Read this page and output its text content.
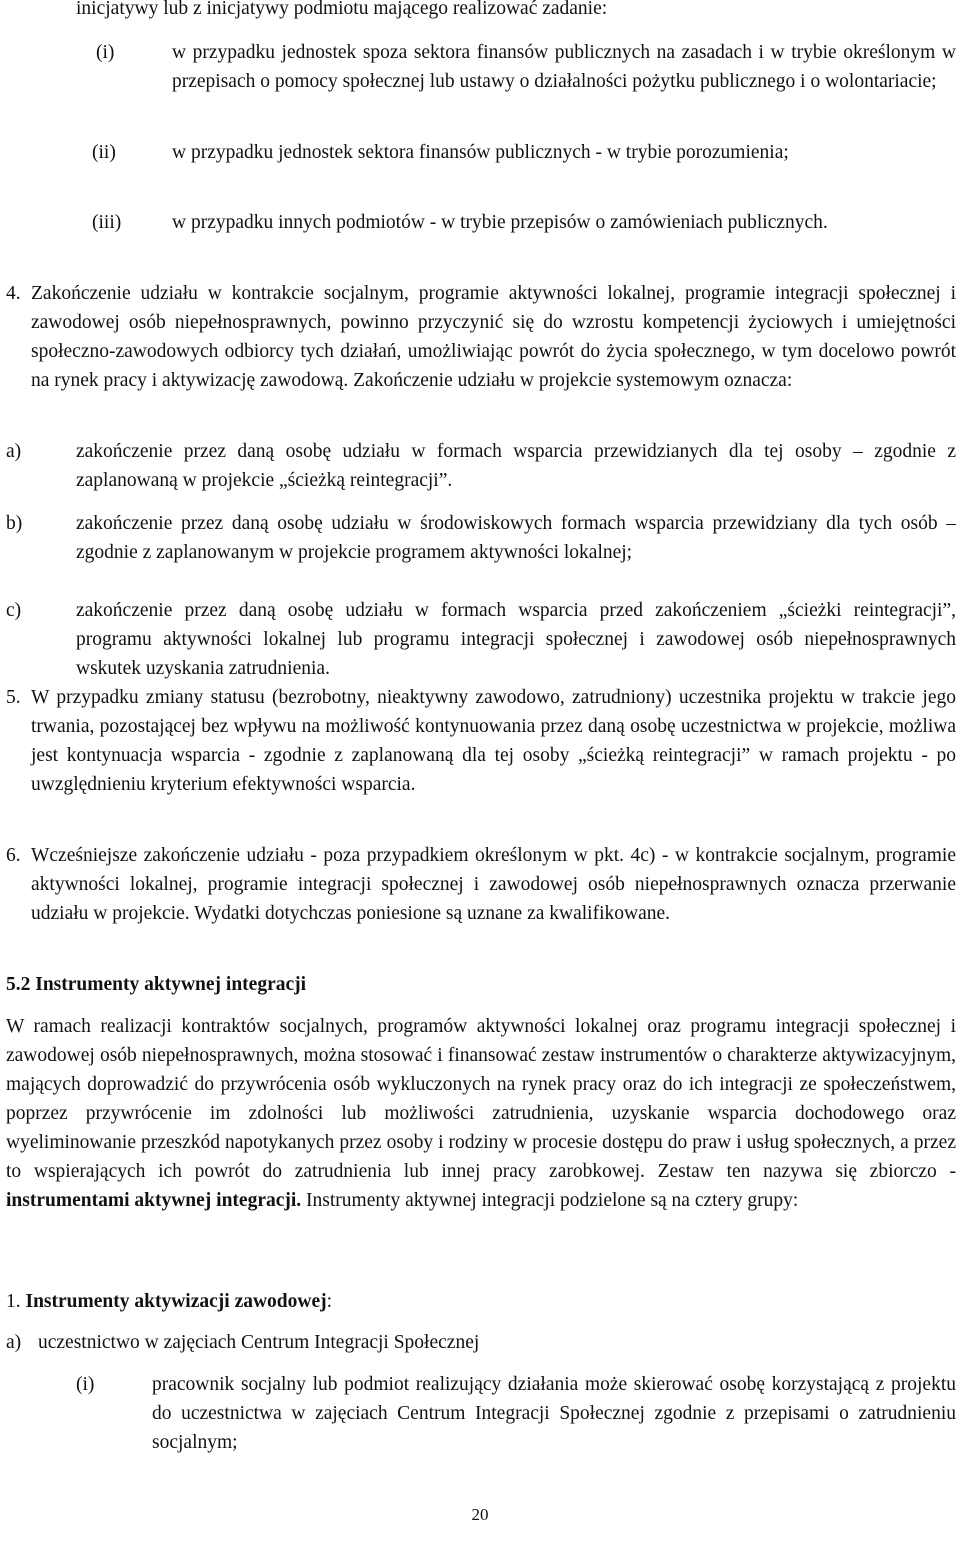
inicjatywy lub z inicjatywy podmiotu mającego realizować zadanie:

(i)	w przypadku jednostek spoza sektora finansów publicznych na zasadach i w trybie określonym w przepisach o pomocy społecznej lub ustawy o działalności pożytku publicznego i o wolontariacie;
(ii)	w przypadku jednostek sektora finansów publicznych - w trybie porozumienia;
(iii)	w przypadku innych podmiotów - w trybie przepisów o zamówieniach publicznych.
4. Zakończenie udziału w kontrakcie socjalnym, programie aktywności lokalnej, programie integracji społecznej i zawodowej osób niepełnosprawnych, powinno przyczynić się do wzrostu kompetencji życiowych i umiejętności społeczno-zawodowych odbiorcy tych działań, umożliwiając powrót do życia społecznego, w tym docelowo powrót na rynek pracy i aktywizację zawodową. Zakończenie udziału w projekcie systemowym oznacza:
a)	zakończenie przez daną osobę udziału w formach wsparcia przewidzianych dla tej osoby – zgodnie z zaplanowaną w projekcie „ścieżką reintegracji”.
b)	zakończenie przez daną osobę udziału w środowiskowych formach wsparcia przewidziany dla tych osób – zgodnie z zaplanowanym w projekcie programem aktywności lokalnej;
c)	zakończenie przez daną osobę udziału w formach wsparcia przed zakończeniem „ścieżki reintegracji”, programu aktywności lokalnej lub programu integracji społecznej i zawodowej osób niepełnosprawnych wskutek uzyskania zatrudnienia.
5. W przypadku zmiany statusu (bezrobotny, nieaktywny zawodowo, zatrudniony) uczestnika projektu w trakcie jego trwania, pozostającej bez wpływu na możliwość kontynuowania przez daną osobę uczestnictwa w projekcie, możliwa jest kontynuacja wsparcia - zgodnie z zaplanowaną dla tej osoby „ścieżką reintegracji” w ramach projektu - po uwzględnieniu kryterium efektywności wsparcia.
6. Wcześniejsze zakończenie udziału - poza przypadkiem określonym w pkt. 4c) - w kontrakcie socjalnym, programie aktywności lokalnej, programie integracji społecznej i zawodowej osób niepełnosprawnych oznacza przerwanie udziału w projekcie. Wydatki dotychczas poniesione są uznane za kwalifikowane.
5.2 Instrumenty aktywnej integracji

W ramach realizacji kontraktów socjalnych, programów aktywności lokalnej oraz programu integracji społecznej i zawodowej osób niepełnosprawnych, można stosować i finansować zestaw instrumentów o charakterze aktywizacyjnym, mających doprowadzić do przywrócenia osób wykluczonych na rynek pracy oraz do ich integracji ze społeczeństwem, poprzez przywrócenie im zdolności lub możliwości zatrudnienia, uzyskanie wsparcia dochodowego oraz wyeliminowanie przeszkód napotykanych przez osoby i rodziny w procesie dostępu do praw i usług społecznych, a przez to wspierających ich powrót do zatrudnienia lub innej pracy zarobkowej. Zestaw ten nazywa się zbiorczo - instrumentami aktywnej integracji. Instrumenty aktywnej integracji podzielone są na cztery grupy:

1. Instrumenty aktywizacji zawodowej:
a) uczestnictwo w zajęciach Centrum Integracji Społecznej
(i)	pracownik socjalny lub podmiot realizujący działania może skierować osobę korzystającą z projektu do uczestnictwa w zajęciach Centrum Integracji Społecznej zgodnie z przepisami o zatrudnieniu socjalnym;
20
